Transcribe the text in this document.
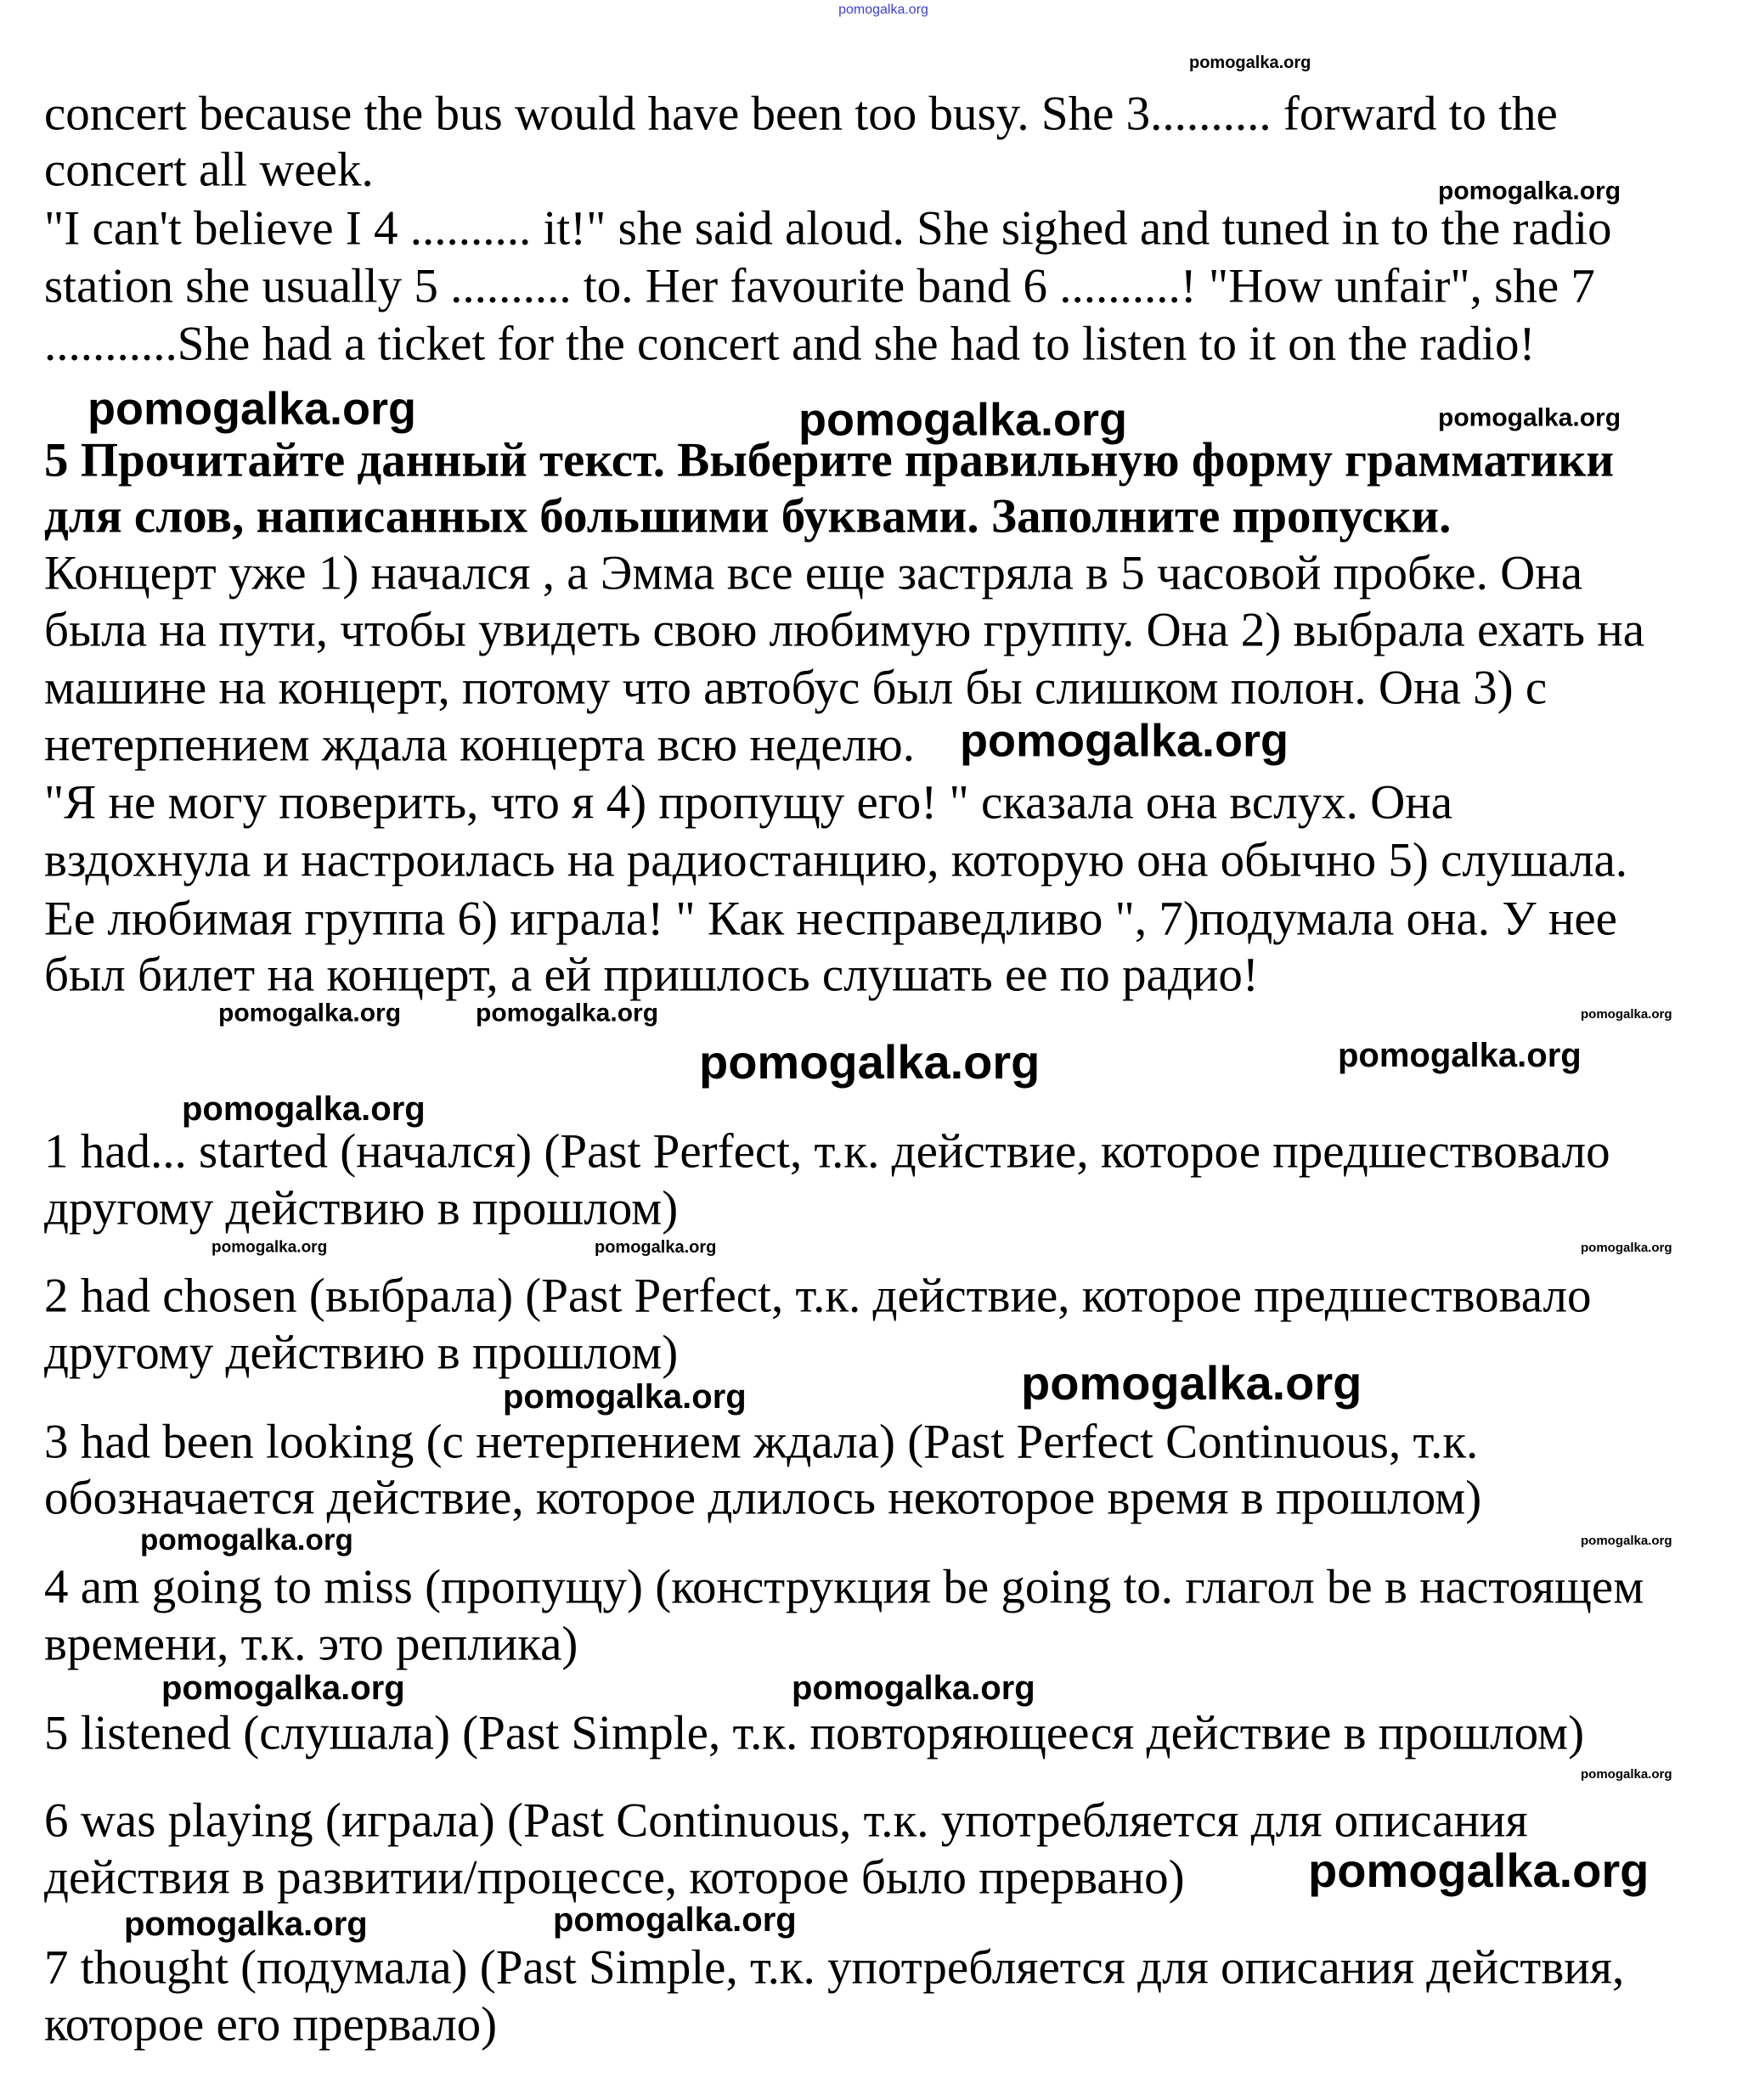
pomogalka.org
concert because the bus would have been too busy. She 3.......... forward to the
concert all week.
"I can't believe I 4 .......... it!" she said aloud. She sighed and tuned in to the radio
station she usually 5 .......... to. Her favourite band 6 ..........! "How unfair", she 7
...........She had a ticket for the concert and she had to listen to it on the radio!
5 Прочитайте данный текст. Выберите правильную форму грамматики
для слов, написанных большими буквами. Заполните пропуски.
Концерт уже 1) начался , а Эмма все еще застряла в 5 часовой пробке. Она
была на пути, чтобы увидеть свою любимую группу. Она 2) выбрала ехать на
машине на концерт, потому что автобус был бы слишком полон. Она 3) с
нетерпением ждала концерта всю неделю.
"Я не могу поверить, что я 4) пропущу его! " сказала она вслух. Она
вздохнула и настроилась на радиостанцию, которую она обычно 5) слушала.
Ее любимая группа 6) играла! " Как несправедливо ", 7)подумала она. У нее
был билет на концерт, а ей пришлось слушать ее по радио!
1 had... started (начался) (Past Perfect, т.к. действие, которое предшествовало
другому действию в прошлом)
2 had chosen (выбрала) (Past Perfect, т.к. действие, которое предшествовало
другому действию в прошлом)
3 had been looking (с нетерпением ждала) (Past Perfect Continuous, т.к.
обозначается действие, которое длилось некоторое время в прошлом)
4 am going to miss (пропущу) (конструкция be going to. глагол be в настоящем
времени, т.к. это реплика)
5 listened (слушала) (Past Simple, т.к. повторяющееся действие в прошлом)
6 was playing (играла) (Past Continuous, т.к. употребляется для описания
действия в развитии/процессе, которое было прервано)
7 thought (подумала) (Past Simple, т.к. употребляется для описания действия,
которое его прервало)
pomogalka.org
pomogalka.org
pomogalka.org	pomogalka.org	pomogalka.org
pomogalka.org
pomogalka.org
pomogalka.org
pomogalka.org
pomogalka.org
pomogalka.org
pomogalka.org
pomogalka.org
pomogalka.org	pomogalka.org
pomogalka.org
pomogalka.org
pomogalka.org	pomogalka.org
pomogalka.org
pomogalka.org	pomogalka.org
pomogalka.org
pomogalka.org	pomogalka.org
